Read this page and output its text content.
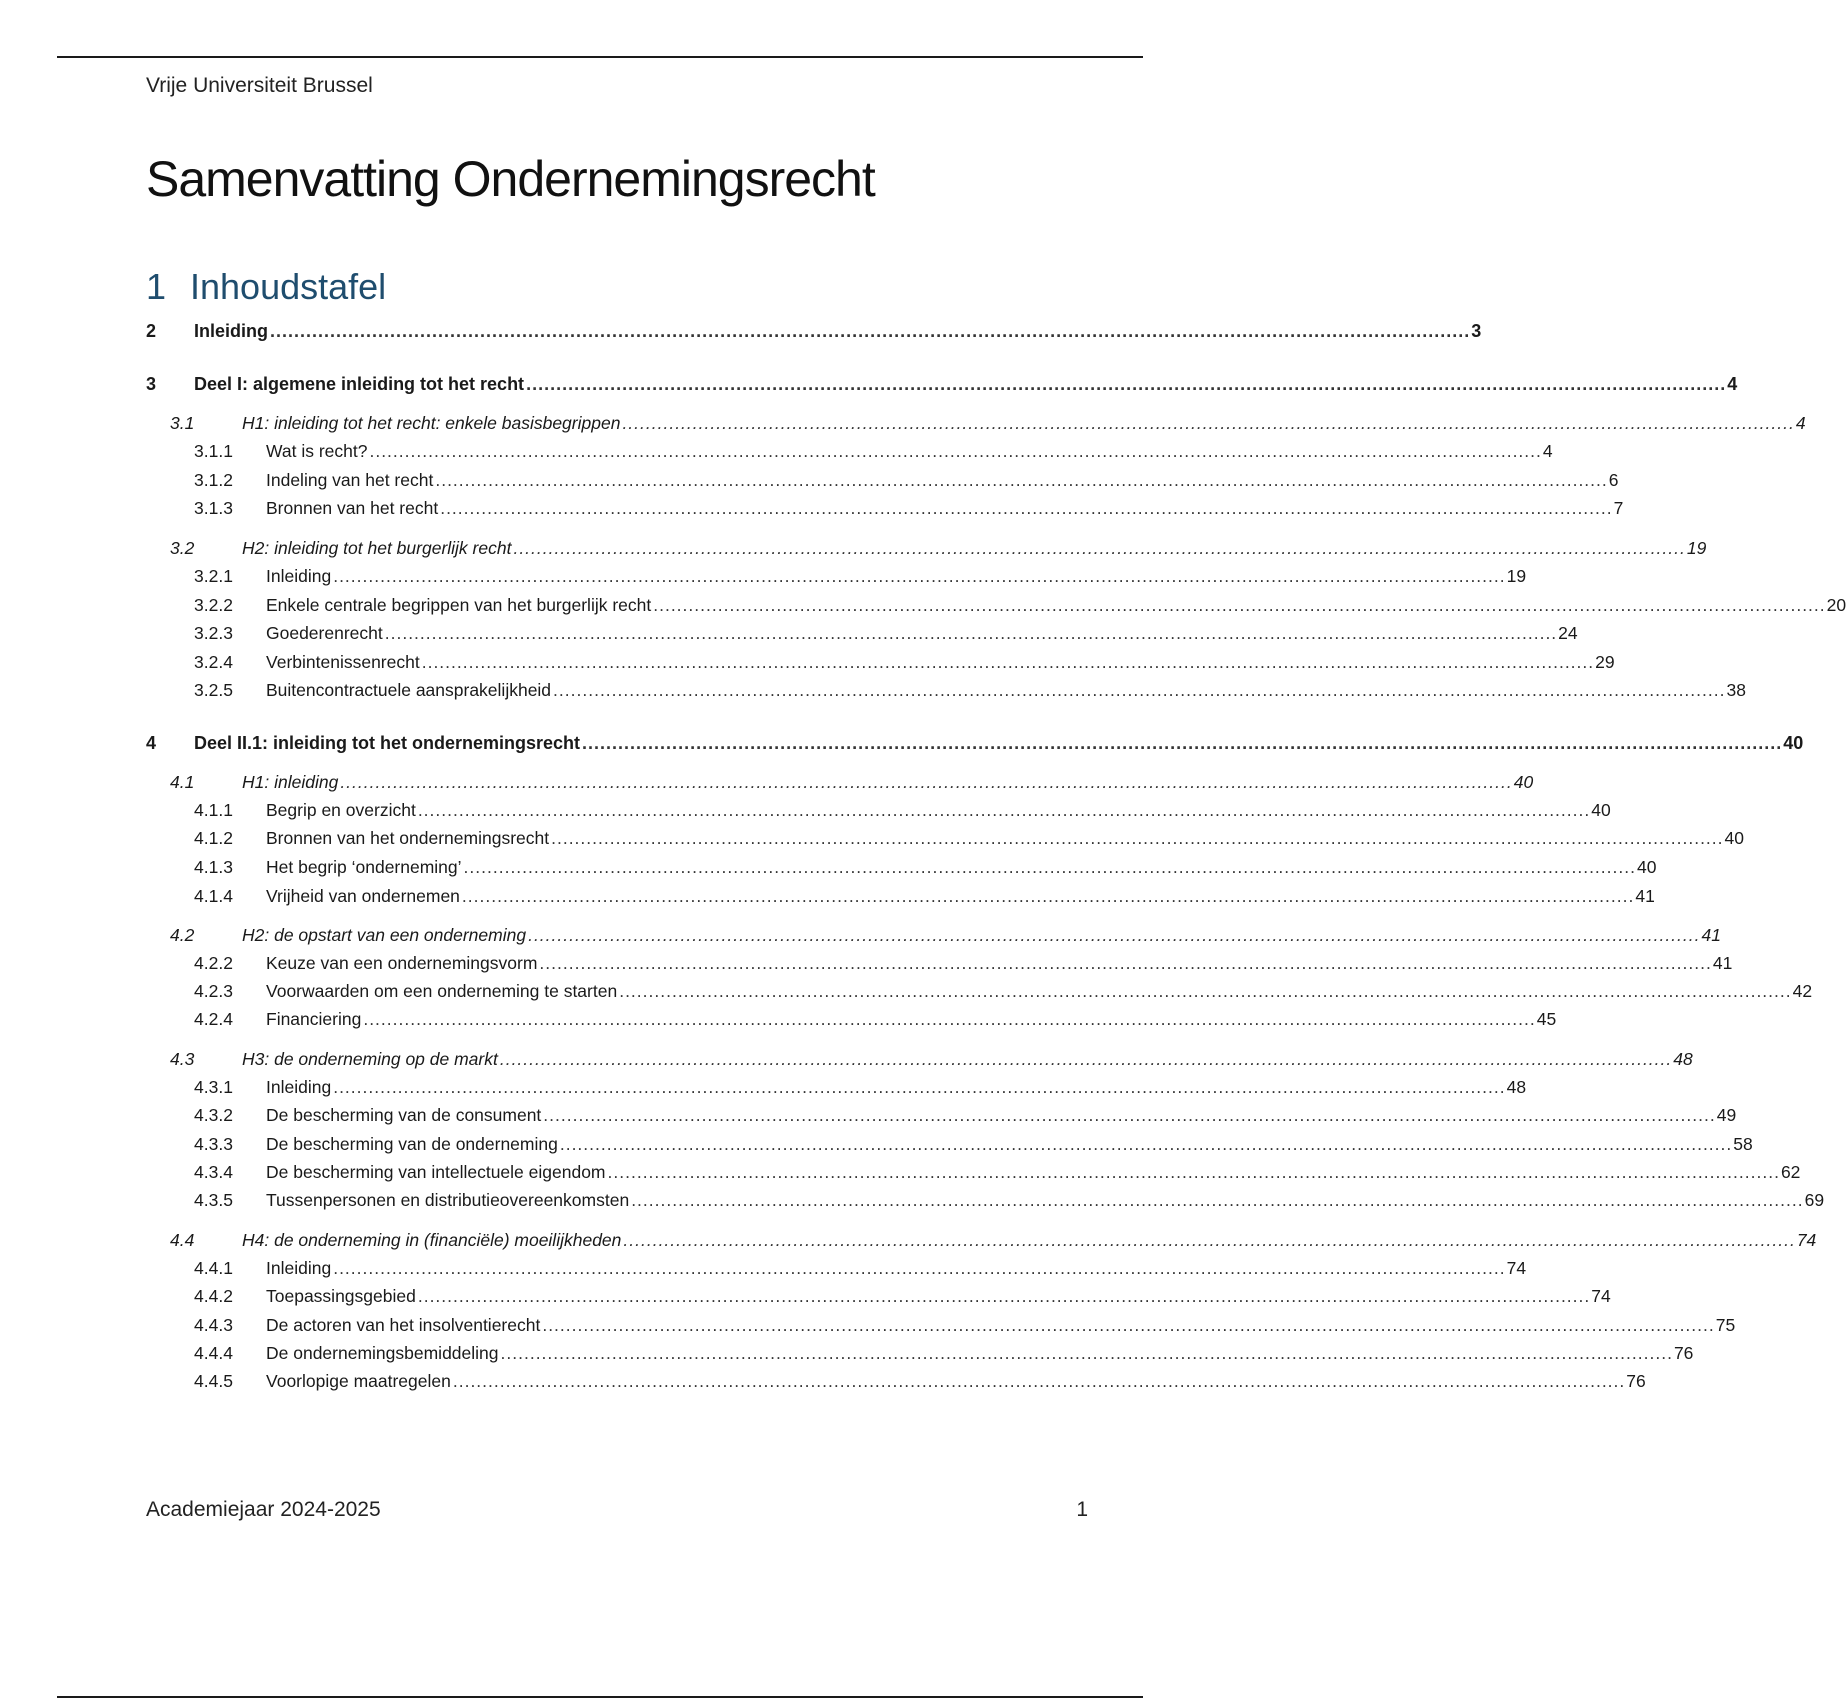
Vrije Universiteit Brussel
Samenvatting Ondernemingsrecht
1 Inhoudstafel
2 Inleiding ........................................................................................................................................................................................................ 3
3 Deel I: algemene inleiding tot het recht ........................................................................................................................................................................................................ 4
3.1	H1: inleiding tot het recht: enkele basisbegrippen ........................................................................................................................................................................................................ 4
3.1.1 Wat is recht? ........................................................................................................................................................................................................ 4
3.1.2 Indeling van het recht ........................................................................................................................................................................................................ 6
3.1.3 Bronnen van het recht ........................................................................................................................................................................................................ 7
3.2	H2: inleiding tot het burgerlijk recht ........................................................................................................................................................................................................ 19
3.2.1 Inleiding ........................................................................................................................................................................................................ 19
3.2.2 Enkele centrale begrippen van het burgerlijk recht ........................................................................................................................................................................................................ 20
3.2.3 Goederenrecht ........................................................................................................................................................................................................ 24
3.2.4 Verbintenissenrecht ........................................................................................................................................................................................................ 29
3.2.5 Buitencontractuele aansprakelijkheid ........................................................................................................................................................................................................ 38
4 Deel II.1: inleiding tot het ondernemingsrecht ........................................................................................................................................................................................................ 40
4.1	H1: inleiding ........................................................................................................................................................................................................ 40
4.1.1 Begrip en overzicht ........................................................................................................................................................................................................ 40
4.1.2 Bronnen van het ondernemingsrecht ........................................................................................................................................................................................................ 40
4.1.3 Het begrip ‘onderneming’ ........................................................................................................................................................................................................ 40
4.1.4 Vrijheid van ondernemen ........................................................................................................................................................................................................ 41
4.2	H2: de opstart van een onderneming ........................................................................................................................................................................................................ 41
4.2.2 Keuze van een ondernemingsvorm ........................................................................................................................................................................................................ 41
4.2.3 Voorwaarden om een onderneming te starten ........................................................................................................................................................................................................ 42
4.2.4 Financiering ........................................................................................................................................................................................................ 45
4.3	H3: de onderneming op de markt ........................................................................................................................................................................................................ 48
4.3.1 Inleiding ........................................................................................................................................................................................................ 48
4.3.2 De bescherming van de consument ........................................................................................................................................................................................................ 49
4.3.3 De bescherming van de onderneming ........................................................................................................................................................................................................ 58
4.3.4 De bescherming van intellectuele eigendom ........................................................................................................................................................................................................ 62
4.3.5 Tussenpersonen en distributieovereenkomsten ........................................................................................................................................................................................................ 69
4.4	H4: de onderneming in (financiële) moeilijkheden ........................................................................................................................................................................................................ 74
4.4.1 Inleiding ........................................................................................................................................................................................................ 74
4.4.2 Toepassingsgebied ........................................................................................................................................................................................................ 74
4.4.3 De actoren van het insolventierecht ........................................................................................................................................................................................................ 75
4.4.4 De ondernemingsbemiddeling ........................................................................................................................................................................................................ 76
4.4.5 Voorlopige maatregelen ........................................................................................................................................................................................................ 76
Academiejaar 2024-2025	1
